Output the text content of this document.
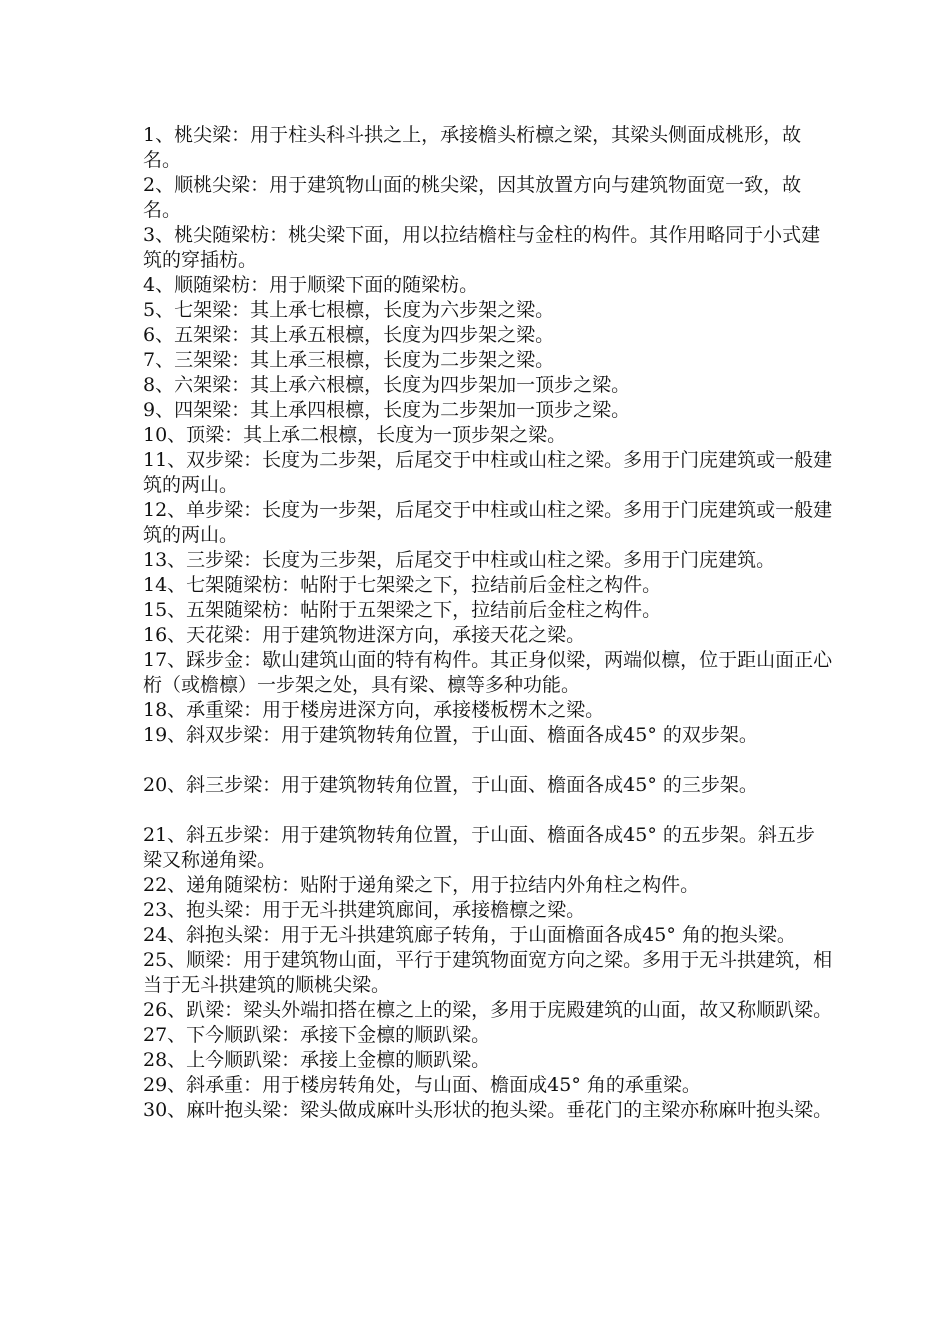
1、桃尖梁：用于柱头科斗拱之上，承接檐头桁檩之梁，其梁头侧面成桃形，故名。

2、顺桃尖梁：用于建筑物山面的桃尖梁，因其放置方向与建筑物面宽一致，故名。

3、桃尖随梁枋：桃尖梁下面，用以拉结檐柱与金柱的构件。其作用略同于小式建筑的穿插枋。

4、顺随梁枋：用于顺梁下面的随梁枋。

5、七架梁：其上承七根檩，长度为六步架之梁。

6、五架梁：其上承五根檩，长度为四步架之梁。

7、三架梁：其上承三根檩，长度为二步架之梁。

8、六架梁：其上承六根檩，长度为四步架加一顶步之梁。

9、四架梁：其上承四根檩，长度为二步架加一顶步之梁。

10、顶梁：其上承二根檩，长度为一顶步架之梁。

11、双步梁：长度为二步架，后尾交于中柱或山柱之梁。多用于门庑建筑或一般建筑的两山。

12、单步梁：长度为一步架，后尾交于中柱或山柱之梁。多用于门庑建筑或一般建筑的两山。

13、三步梁：长度为三步架，后尾交于中柱或山柱之梁。多用于门庑建筑。

14、七架随梁枋：帖附于七架梁之下，拉结前后金柱之构件。

15、五架随梁枋：帖附于五架梁之下，拉结前后金柱之构件。

16、天花梁：用于建筑物进深方向，承接天花之梁。

17、踩步金：歇山建筑山面的特有构件。其正身似梁，两端似檩，位于距山面正心桁（或檐檩）一步架之处，具有梁、檩等多种功能。

18、承重梁：用于楼房进深方向，承接楼板楞木之梁。

19、斜双步梁：用于建筑物转角位置，于山面、檐面各成45° 的双步架。

20、斜三步梁：用于建筑物转角位置，于山面、檐面各成45° 的三步架。

21、斜五步梁：用于建筑物转角位置，于山面、檐面各成45° 的五步架。斜五步梁又称递角梁。

22、递角随梁枋：贴附于递角梁之下，用于拉结内外角柱之构件。

23、抱头梁：用于无斗拱建筑廊间，承接檐檩之梁。

24、斜抱头梁：用于无斗拱建筑廊子转角，于山面檐面各成45° 角的抱头梁。

25、顺梁：用于建筑物山面，平行于建筑物面宽方向之梁。多用于无斗拱建筑，相当于无斗拱建筑的顺桃尖梁。

26、趴梁：梁头外端扣搭在檩之上的梁，多用于庑殿建筑的山面，故又称顺趴梁。

27、下今顺趴梁：承接下金檩的顺趴梁。

28、上今顺趴梁：承接上金檩的顺趴梁。

29、斜承重：用于楼房转角处，与山面、檐面成45° 角的承重梁。

30、麻叶抱头梁：梁头做成麻叶头形状的抱头梁。垂花门的主梁亦称麻叶抱头梁。
